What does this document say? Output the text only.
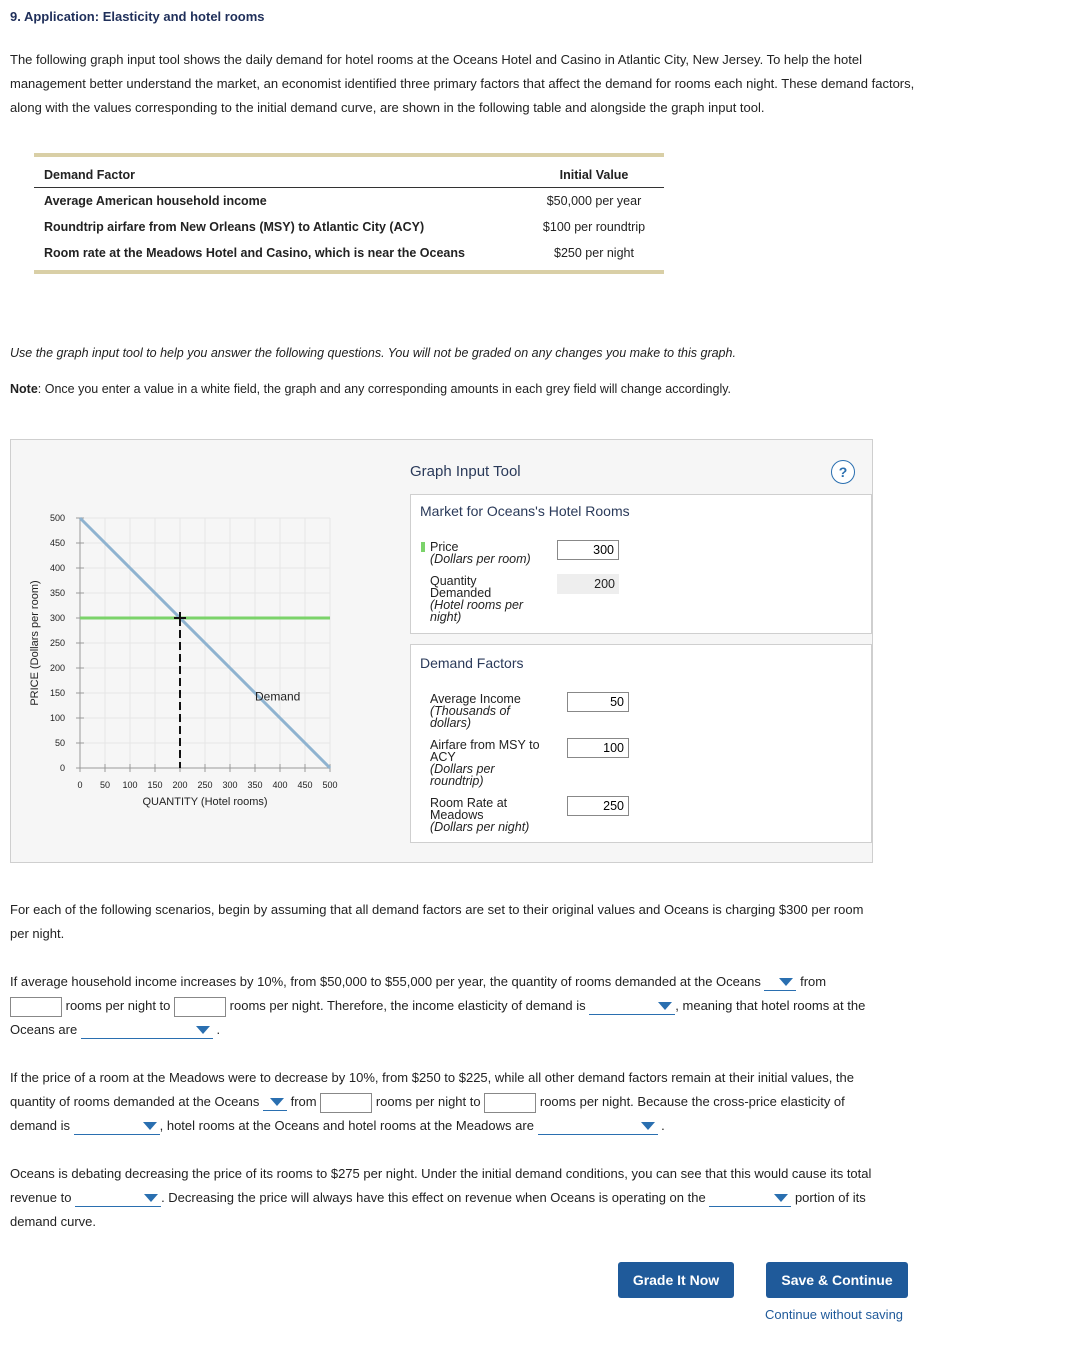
9. Application: Elasticity and hotel rooms
The following graph input tool shows the daily demand for hotel rooms at the Oceans Hotel and Casino in Atlantic City, New Jersey. To help the hotel management better understand the market, an economist identified three primary factors that affect the demand for rooms each night. These demand factors, along with the values corresponding to the initial demand curve, are shown in the following table and alongside the graph input tool.
Demand Factor	Initial Value
Average American household income	$50,000 per year
Roundtrip airfare from New Orleans (MSY) to Atlantic City (ACY)	$100 per roundtrip
Room rate at the Meadows Hotel and Casino, which is near the Oceans	$250 per night
Use the graph input tool to help you answer the following questions. You will not be graded on any changes you make to this graph.
Note: Once you enter a value in a white field, the graph and any corresponding amounts in each grey field will change accordingly.
0
50
100
150
200
250
300
350
400
450
500
0 50 100 150 200 250 300 350 400 450 500
PRICE (Dollars per room)
QUANTITY (Hotel rooms)
Demand
Graph Input Tool	?
Market for Oceans's Hotel Rooms
Price
(Dollars per room)
300
Quantity
Demanded
(Hotel rooms per
night)
200
Demand Factors
Average Income
(Thousands of
dollars)
50
Airfare from MSY to
ACY
(Dollars per
roundtrip)
100
Room Rate at
Meadows
(Dollars per night)
250
For each of the following scenarios, begin by assuming that all demand factors are set to their original values and Oceans is charging $300 per room
per night.
If average household income increases by 10%, from $50,000 to $55,000 per year, the quantity of rooms demanded at the Oceans	from
rooms per night to	rooms per night. Therefore, the income elasticity of demand is	, meaning that hotel rooms at the
Oceans are	.
If the price of a room at the Meadows were to decrease by 10%, from $250 to $225, while all other demand factors remain at their initial values, the
quantity of rooms demanded at the Oceans from	rooms per night to	rooms per night. Because the cross-price elasticity of
demand is	, hotel rooms at the Oceans and hotel rooms at the Meadows are	.
Oceans is debating decreasing the price of its rooms to $275 per night. Under the initial demand conditions, you can see that this would cause its total
revenue to	. Decreasing the price will always have this effect on revenue when Oceans is operating on the	portion of its
demand curve.
Grade It Now	Save & Continue
Continue without saving
